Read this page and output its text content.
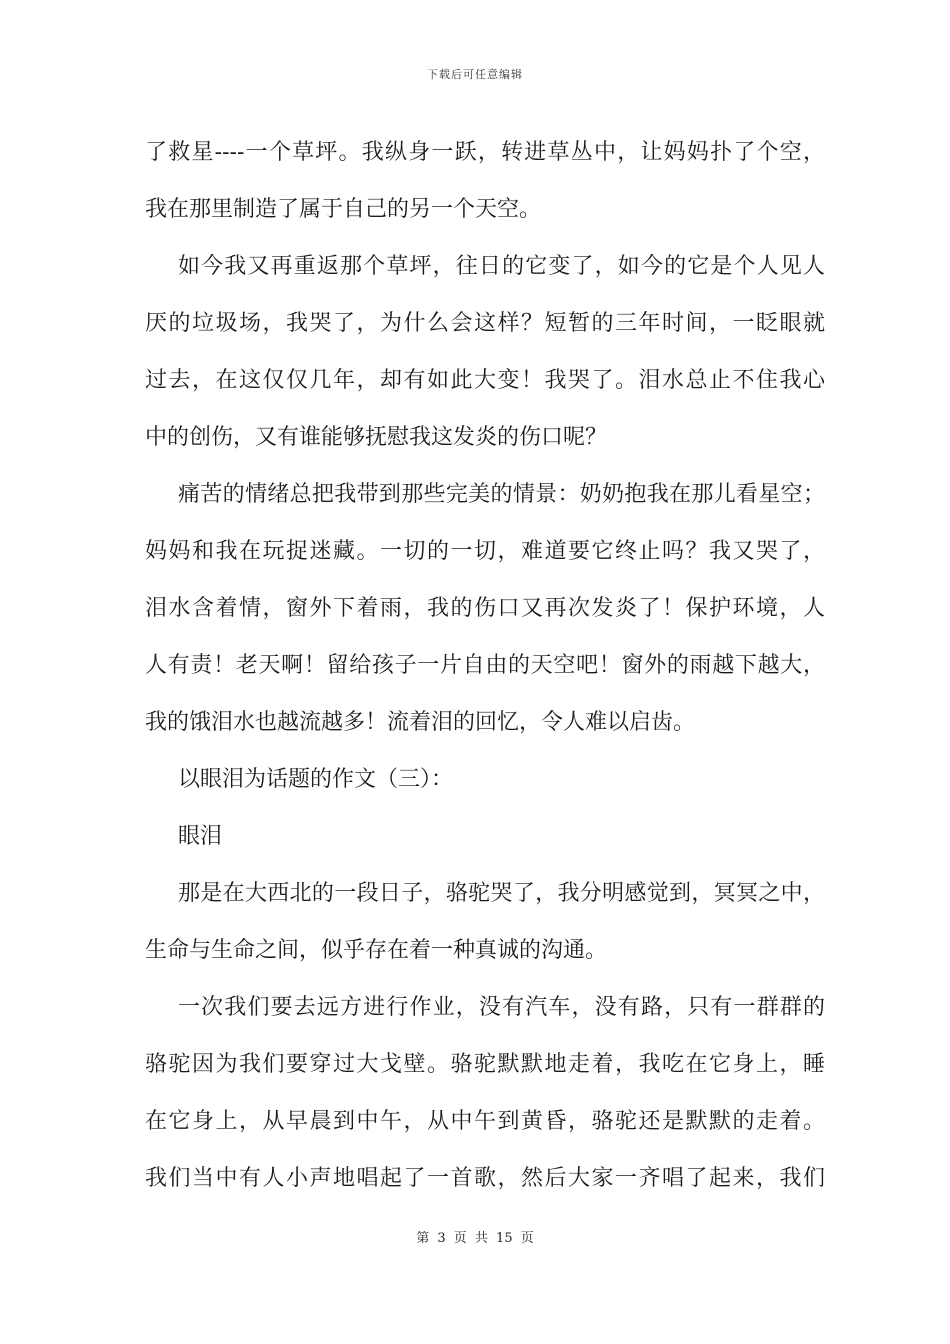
下载后可任意编辑
了救星----一个草坪。我纵身一跃，转进草丛中，让妈妈扑了个空，
我在那里制造了属于自己的另一个天空。
如今我又再重返那个草坪，往日的它变了，如今的它是个人见人
厌的垃圾场，我哭了，为什么会这样？短暂的三年时间，一眨眼就
过去，在这仅仅几年，却有如此大变！我哭了。泪水总止不住我心
中的创伤，又有谁能够抚慰我这发炎的伤口呢？
痛苦的情绪总把我带到那些完美的情景：奶奶抱我在那儿看星空；
妈妈和我在玩捉迷藏。一切的一切，难道要它终止吗？我又哭了，
泪水含着情，窗外下着雨，我的伤口又再次发炎了！保护环境，人
人有责！老天啊！留给孩子一片自由的天空吧！窗外的雨越下越大，
我的饿泪水也越流越多！流着泪的回忆，令人难以启齿。
以眼泪为话题的作文（三）：
眼泪
那是在大西北的一段日子，骆驼哭了，我分明感觉到，冥冥之中，
生命与生命之间，似乎存在着一种真诚的沟通。
一次我们要去远方进行作业，没有汽车，没有路，只有一群群的
骆驼因为我们要穿过大戈壁。骆驼默默地走着，我吃在它身上，睡
在它身上，从早晨到中午，从中午到黄昏，骆驼还是默默的走着。
我们当中有人小声地唱起了一首歌，然后大家一齐唱了起来，我们
第 3 页 共 15 页
